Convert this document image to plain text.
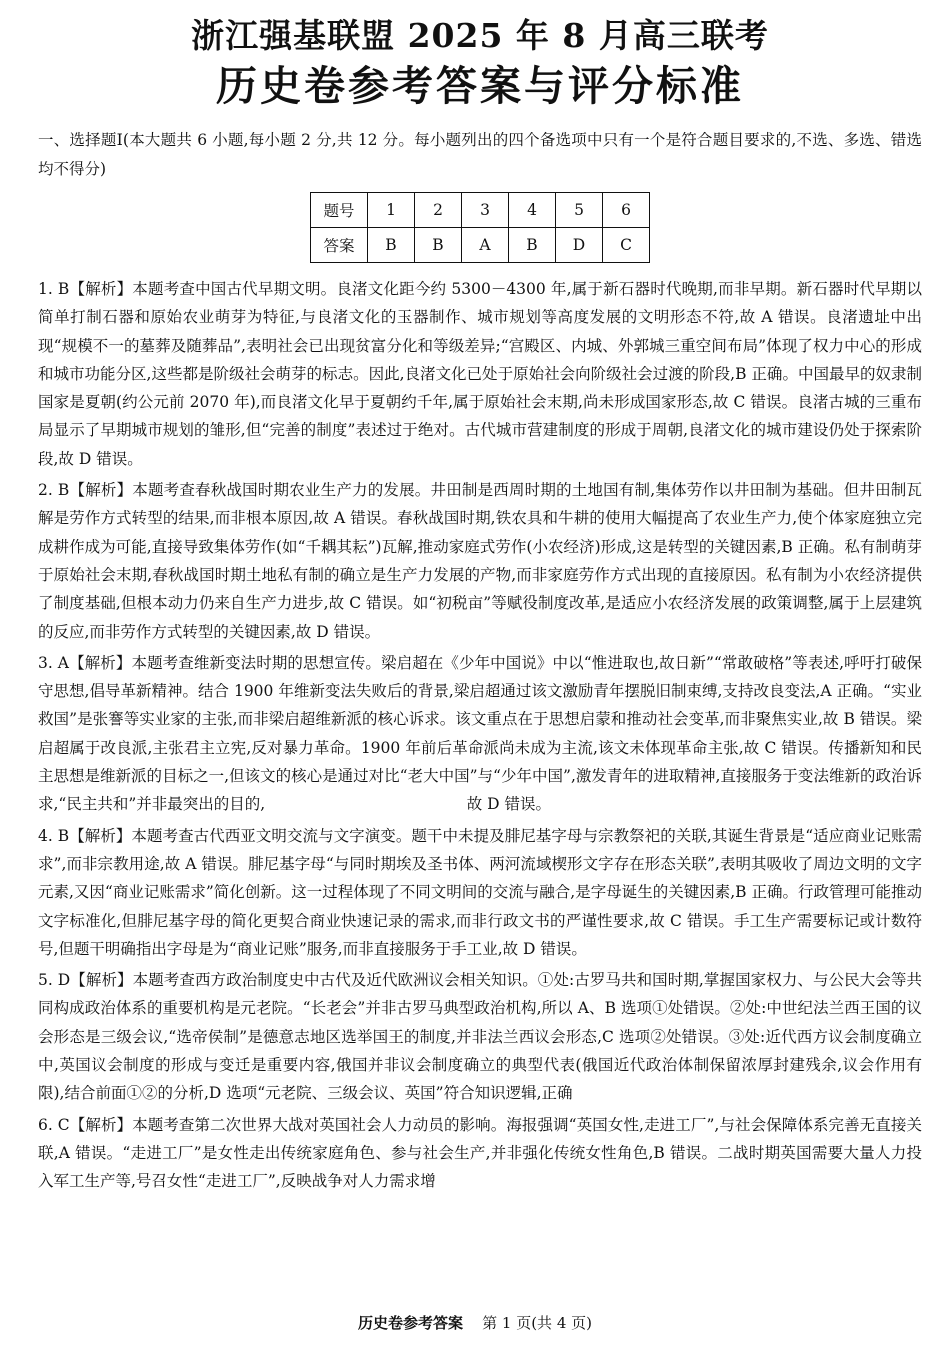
浙江强基联盟 2025 年 8 月高三联考
历史卷参考答案与评分标准
一、选择题Ⅰ(本大题共 6 小题,每小题 2 分,共 12 分。每小题列出的四个备选项中只有一个是符合题目要求的,不选、多选、错选均不得分)
题号	1	2	3	4	5	6
答案	B	B	A	B	D	C

1. B【解析】本题考查中国古代早期文明。良渚文化距今约 5300－4300 年,属于新石器时代晚期,而非早期。新石器时代早期以简单打制石器和原始农业萌芽为特征,与良渚文化的玉器制作、城市规划等高度发展的文明形态不符,故 A 错误。良渚遗址中出现“规模不一的墓葬及随葬品”,表明社会已出现贫富分化和等级差异;“宫殿区、内城、外郭城三重空间布局”体现了权力中心的形成和城市功能分区,这些都是阶级社会萌芽的标志。因此,良渚文化已处于原始社会向阶级社会过渡的阶段,B 正确。中国最早的奴隶制国家是夏朝(约公元前 2070 年),而良渚文化早于夏朝约千年,属于原始社会末期,尚未形成国家形态,故 C 错误。良渚古城的三重布局显示了早期城市规划的雏形,但“完善的制度”表述过于绝对。古代城市营建制度的形成于周朝,良渚文化的城市建设仍处于探索阶段,故 D 错误。

2. B【解析】本题考查春秋战国时期农业生产力的发展。井田制是西周时期的土地国有制,集体劳作以井田制为基础。但井田制瓦解是劳作方式转型的结果,而非根本原因,故 A 错误。春秋战国时期,铁农具和牛耕的使用大幅提高了农业生产力,使个体家庭独立完成耕作成为可能,直接导致集体劳作(如“千耦其耘”)瓦解,推动家庭式劳作(小农经济)形成,这是转型的关键因素,B 正确。私有制萌芽于原始社会末期,春秋战国时期土地私有制的确立是生产力发展的产物,而非家庭劳作方式出现的直接原因。私有制为小农经济提供了制度基础,但根本动力仍来自生产力进步,故 C 错误。如“初税亩”等赋役制度改革,是适应小农经济发展的政策调整,属于上层建筑的反应,而非劳作方式转型的关键因素,故 D 错误。

3. A【解析】本题考查维新变法时期的思想宣传。梁启超在《少年中国说》中以“惟进取也,故日新”“常敢破格”等表述,呼吁打破保守思想,倡导革新精神。结合 1900 年维新变法失败后的背景,梁启超通过该文激励青年摆脱旧制束缚,支持改良变法,A 正确。“实业救国”是张謇等实业家的主张,而非梁启超维新派的核心诉求。该文重点在于思想启蒙和推动社会变革,而非聚焦实业,故 B 错误。梁启超属于改良派,主张君主立宪,反对暴力革命。1900 年前后革命派尚未成为主流,该文未体现革命主张,故 C 错误。传播新知和民主思想是维新派的目标之一,但该文的核心是通过对比“老大中国”与“少年中国”,激发青年的进取精神,直接服务于变法维新的政治诉求,“民主共和”并非最突出的目的,　　　　　　　　　　　　　故 D 错误。

4. B【解析】本题考查古代西亚文明交流与文字演变。题干中未提及腓尼基字母与宗教祭祀的关联,其诞生背景是“适应商业记账需求”,而非宗教用途,故 A 错误。腓尼基字母“与同时期埃及圣书体、两河流域楔形文字存在形态关联”,表明其吸收了周边文明的文字元素,又因“商业记账需求”简化创新。这一过程体现了不同文明间的交流与融合,是字母诞生的关键因素,B 正确。行政管理可能推动文字标准化,但腓尼基字母的简化更契合商业快速记录的需求,而非行政文书的严谨性要求,故 C 错误。手工生产需要标记或计数符号,但题干明确指出字母是为“商业记账”服务,而非直接服务于手工业,故 D 错误。

5. D【解析】本题考查西方政治制度史中古代及近代欧洲议会相关知识。①处:古罗马共和国时期,掌握国家权力、与公民大会等共同构成政治体系的重要机构是元老院。“长老会”并非古罗马典型政治机构,所以 A、B 选项①处错误。②处:中世纪法兰西王国的议会形态是三级会议,“选帝侯制”是德意志地区选举国王的制度,并非法兰西议会形态,C 选项②处错误。③处:近代西方议会制度确立中,英国议会制度的形成与变迁是重要内容,俄国并非议会制度确立的典型代表(俄国近代政治体制保留浓厚封建残余,议会作用有限),结合前面①②的分析,D 选项“元老院、三级会议、英国”符合知识逻辑,正确

6. C【解析】本题考查第二次世界大战对英国社会人力动员的影响。海报强调“英国女性,走进工厂”,与社会保障体系完善无直接关联,A 错误。“走进工厂”是女性走出传统家庭角色、参与社会生产,并非强化传统女性角色,B 错误。二战时期英国需要大量人力投入军工生产等,号召女性“走进工厂”,反映战争对人力需求增

历史卷参考答案 第 1 页(共 4 页)
